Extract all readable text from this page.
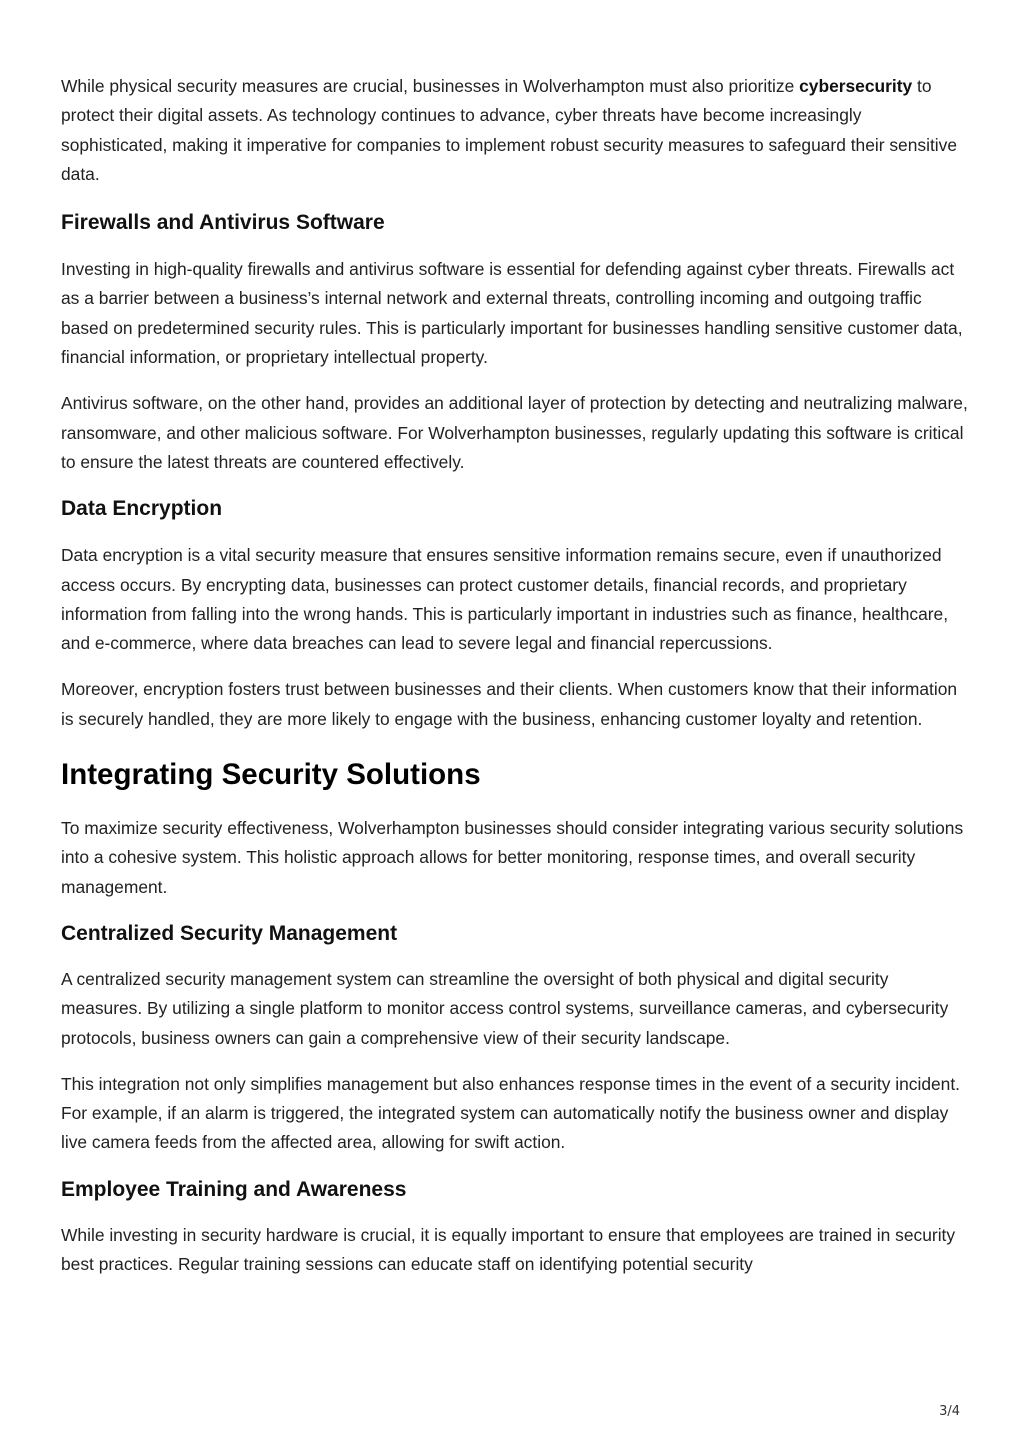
While physical security measures are crucial, businesses in Wolverhampton must also prioritize cybersecurity to protect their digital assets. As technology continues to advance, cyber threats have become increasingly sophisticated, making it imperative for companies to implement robust security measures to safeguard their sensitive data.

Firewalls and Antivirus Software

Investing in high-quality firewalls and antivirus software is essential for defending against cyber threats. Firewalls act as a barrier between a business’s internal network and external threats, controlling incoming and outgoing traffic based on predetermined security rules. This is particularly important for businesses handling sensitive customer data, financial information, or proprietary intellectual property.

Antivirus software, on the other hand, provides an additional layer of protection by detecting and neutralizing malware, ransomware, and other malicious software. For Wolverhampton businesses, regularly updating this software is critical to ensure the latest threats are countered effectively.

Data Encryption

Data encryption is a vital security measure that ensures sensitive information remains secure, even if unauthorized access occurs. By encrypting data, businesses can protect customer details, financial records, and proprietary information from falling into the wrong hands. This is particularly important in industries such as finance, healthcare, and e-commerce, where data breaches can lead to severe legal and financial repercussions.

Moreover, encryption fosters trust between businesses and their clients. When customers know that their information is securely handled, they are more likely to engage with the business, enhancing customer loyalty and retention.

Integrating Security Solutions

To maximize security effectiveness, Wolverhampton businesses should consider integrating various security solutions into a cohesive system. This holistic approach allows for better monitoring, response times, and overall security management.

Centralized Security Management

A centralized security management system can streamline the oversight of both physical and digital security measures. By utilizing a single platform to monitor access control systems, surveillance cameras, and cybersecurity protocols, business owners can gain a comprehensive view of their security landscape.

This integration not only simplifies management but also enhances response times in the event of a security incident. For example, if an alarm is triggered, the integrated system can automatically notify the business owner and display live camera feeds from the affected area, allowing for swift action.

Employee Training and Awareness

While investing in security hardware is crucial, it is equally important to ensure that employees are trained in security best practices. Regular training sessions can educate staff on identifying potential security

3/4
